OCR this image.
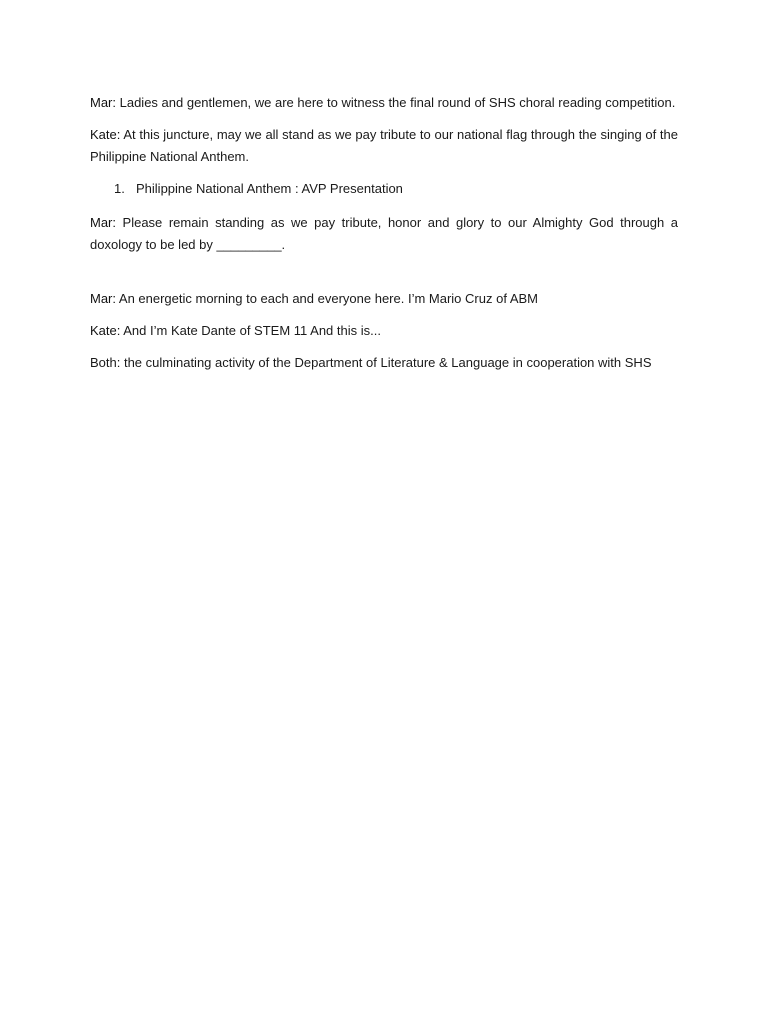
Mar: Ladies and gentlemen, we are here to witness the final round of SHS choral reading competition.

Kate: At this juncture, may we all stand as we pay tribute to our national flag through the singing of the Philippine National Anthem.

1. Philippine National Anthem : AVP Presentation

Mar: Please remain standing as we pay tribute, honor and glory to our Almighty God through a doxology to be led by _________.

Mar: An energetic morning to each and everyone here. I’m Mario Cruz of ABM

Kate: And I’m Kate Dante of STEM 11 And this is...

Both: the culminating activity of the Department of Literature & Language in cooperation with SHS
